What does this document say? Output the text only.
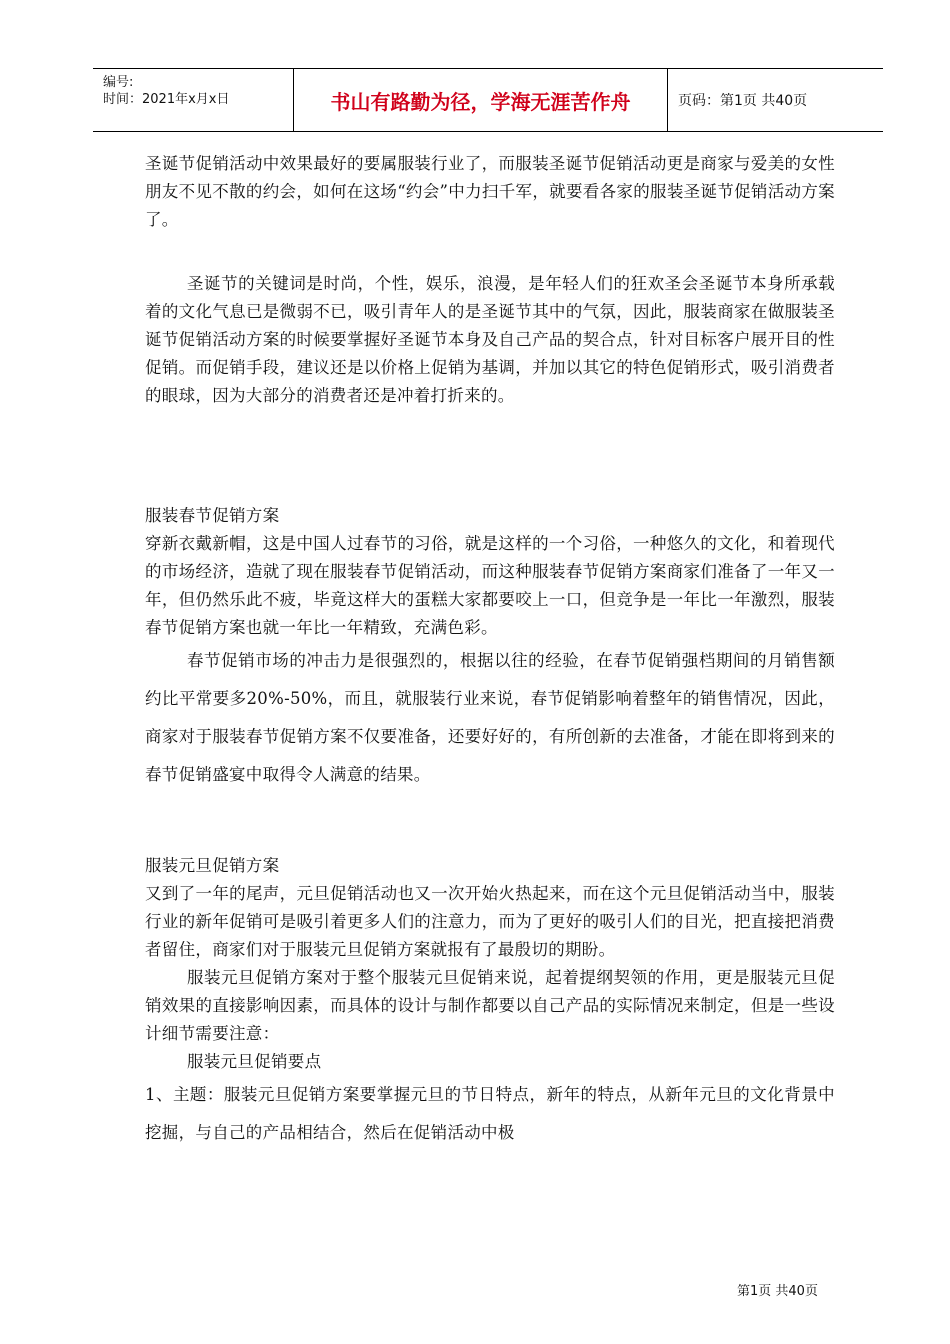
编号:
时间：2021年x月x日	书山有路勤为径，学海无涯苦作舟	页码：第1页 共40页

圣诞节促销活动中效果最好的要属服装行业了，而服装圣诞节促销活动更是商家与爱美的女性朋友不见不散的约会，如何在这场“约会”中力扫千军，就要看各家的服装圣诞节促销活动方案了。

圣诞节的关键词是时尚，个性，娱乐，浪漫，是年轻人们的狂欢圣会圣诞节本身所承载着的文化气息已是微弱不已，吸引青年人的是圣诞节其中的气氛，因此，服装商家在做服装圣诞节促销活动方案的时候要掌握好圣诞节本身及自己产品的契合点，针对目标客户展开目的性促销。而促销手段，建议还是以价格上促销为基调，并加以其它的特色促销形式，吸引消费者的眼球，因为大部分的消费者还是冲着打折来的。

服装春节促销方案

穿新衣戴新帽，这是中国人过春节的习俗，就是这样的一个习俗，一种悠久的文化，和着现代的市场经济，造就了现在服装春节促销活动，而这种服装春节促销方案商家们准备了一年又一年，但仍然乐此不疲，毕竟这样大的蛋糕大家都要咬上一口，但竞争是一年比一年激烈，服装春节促销方案也就一年比一年精致，充满色彩。

春节促销市场的冲击力是很强烈的，根据以往的经验，在春节促销强档期间的月销售额约比平常要多20%-50%，而且，就服装行业来说，春节促销影响着整年的销售情况，因此，商家对于服装春节促销方案不仅要准备，还要好好的，有所创新的去准备，才能在即将到来的春节促销盛宴中取得令人满意的结果。

服装元旦促销方案

又到了一年的尾声，元旦促销活动也又一次开始火热起来，而在这个元旦促销活动当中，服装行业的新年促销可是吸引着更多人们的注意力，而为了更好的吸引人们的目光，把直接把消费者留住，商家们对于服装元旦促销方案就报有了最殷切的期盼。

服装元旦促销方案对于整个服装元旦促销来说，起着提纲契领的作用，更是服装元旦促销效果的直接影响因素，而具体的设计与制作都要以自己产品的实际情况来制定，但是一些设计细节需要注意：

服装元旦促销要点

1、主题：服装元旦促销方案要掌握元旦的节日特点，新年的特点，从新年元旦的文化背景中挖掘，与自己的产品相结合，然后在促销活动中极

第1页 共40页
